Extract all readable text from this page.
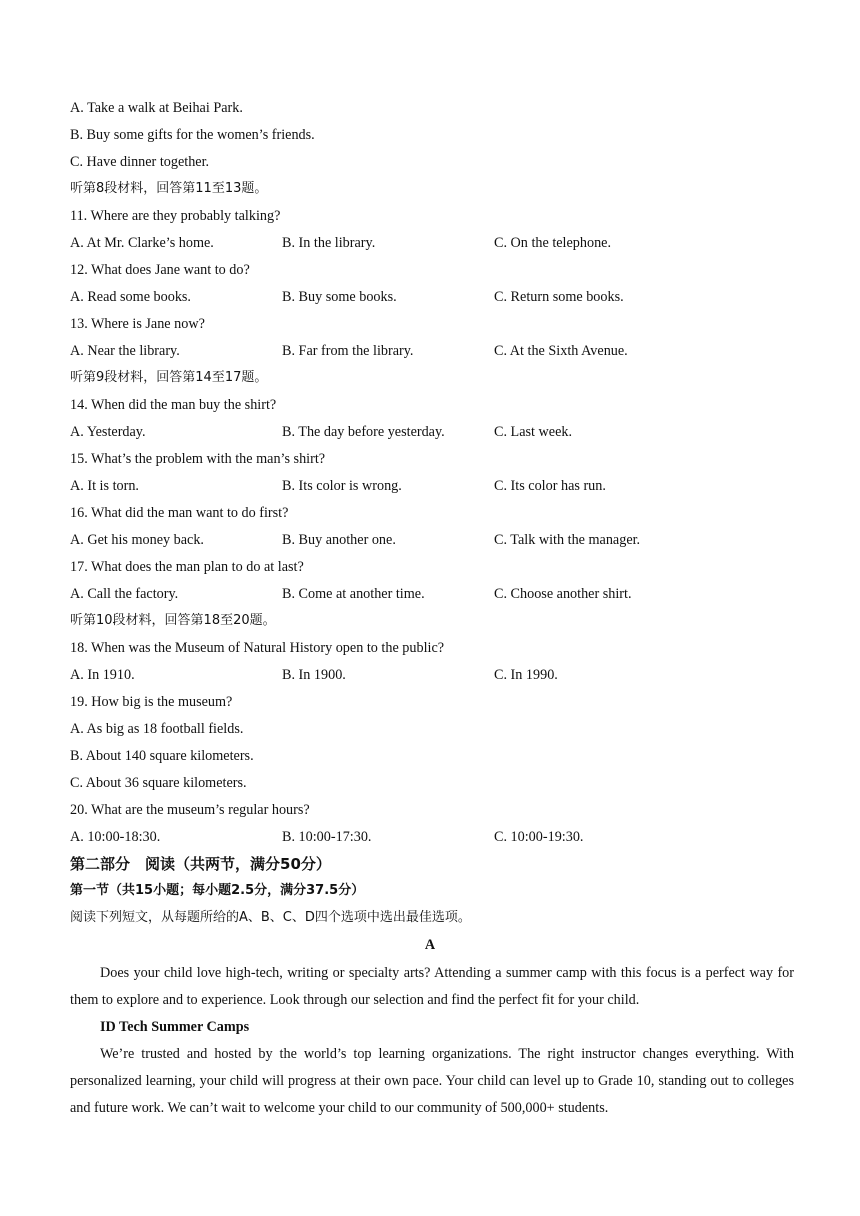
A. Take a walk at Beihai Park.
B. Buy some gifts for the women’s friends.
C. Have dinner together.
听第8段材料，回答第11至13题。
11. Where are they probably talking?
A. At Mr. Clarke’s home.	B. In the library.	C. On the telephone.
12. What does Jane want to do?
A. Read some books.	B. Buy some books.	C. Return some books.
13. Where is Jane now?
A. Near the library.	B. Far from the library.	C. At the Sixth Avenue.
听第9段材料，回答第14至17题。
14. When did the man buy the shirt?
A. Yesterday.	B. The day before yesterday.	C. Last week.
15. What’s the problem with the man’s shirt?
A. It is torn.	B. Its color is wrong.	C. Its color has run.
16. What did the man want to do first?
A. Get his money back.	B. Buy another one.	C. Talk with the manager.
17. What does the man plan to do at last?
A. Call the factory.	B. Come at another time.	C. Choose another shirt.
听第10段材料，回答第18至20题。
18. When was the Museum of Natural History open to the public?
A. In 1910.	B. In 1900.	C. In 1990.
19. How big is the museum?
A. As big as 18 football fields.
B. About 140 square kilometers.
C. About 36 square kilometers.
20. What are the museum’s regular hours?
A. 10:00-18:30.	B. 10:00-17:30.	C. 10:00-19:30.
第二部分　阅读（共两节，满分50分）
第一节（共15小题；每小题2.5分，满分37.5分）
阅读下列短文，从每题所给的A、B、C、D四个选项中选出最佳选项。
A

Does your child love high-tech, writing or specialty arts? Attending a summer camp with this focus is a perfect way for them to explore and to experience. Look through our selection and find the perfect fit for your child.

ID Tech Summer Camps

We’re trusted and hosted by the world’s top learning organizations. The right instructor changes everything. With personalized learning, your child will progress at their own pace. Your child can level up to Grade 10, standing out to colleges and future work. We can’t wait to welcome your child to our community of 500,000+ students.
